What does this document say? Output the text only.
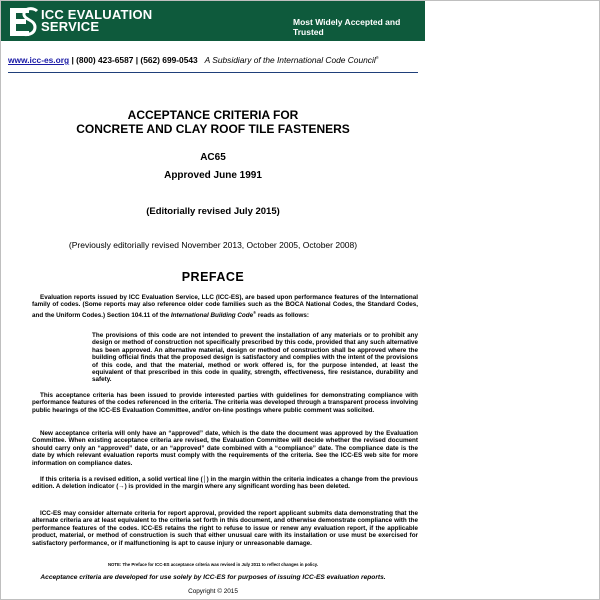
ICC EVALUATION
SERVICE	Most Widely Accepted and Trusted
www.icc-es.org | (800) 423-6587 | (562) 699-0543 A Subsidiary of the International Code Council®
ACCEPTANCE CRITERIA FOR
CONCRETE AND CLAY ROOF TILE FASTENERS
AC65
Approved June 1991
(Editorially revised July 2015)
(Previously editorially revised November 2013, October 2005, October 2008)
PREFACE
Evaluation reports issued by ICC Evaluation Service, LLC (ICC-ES), are based upon performance features of the International family of codes. (Some reports may also reference older code families such as the BOCA National Codes, the Standard Codes, and the Uniform Codes.) Section 104.11 of the International Building Code® reads as follows:
The provisions of this code are not intended to prevent the installation of any materials or to prohibit any design or method of construction not specifically prescribed by this code, provided that any such alternative has been approved. An alternative material, design or method of construction shall be approved where the building official finds that the proposed design is satisfactory and complies with the intent of the provisions of this code, and that the material, method or work offered is, for the purpose intended, at least the equivalent of that prescribed in this code in quality, strength, effectiveness, fire resistance, durability and safety.
This acceptance criteria has been issued to provide interested parties with guidelines for demonstrating compliance with performance features of the codes referenced in the criteria. The criteria was developed through a transparent process involving public hearings of the ICC-ES Evaluation Committee, and/or on-line postings where public comment was solicited.
New acceptance criteria will only have an “approved” date, which is the date the document was approved by the Evaluation Committee. When existing acceptance criteria are revised, the Evaluation Committee will decide whether the revised document should carry only an “approved” date, or an “approved” date combined with a “compliance” date. The compliance date is the date by which relevant evaluation reports must comply with the requirements of the criteria. See the ICC-ES web site for more information on compliance dates.
If this criteria is a revised edition, a solid vertical line (│) in the margin within the criteria indicates a change from the previous edition. A deletion indicator (→) is provided in the margin where any significant wording has been deleted.
ICC-ES may consider alternate criteria for report approval, provided the report applicant submits data demonstrating that the alternate criteria are at least equivalent to the criteria set forth in this document, and otherwise demonstrate compliance with the performance features of the codes. ICC-ES retains the right to refuse to issue or renew any evaluation report, if the applicable product, material, or method of construction is such that either unusual care with its installation or use must be exercised for satisfactory performance, or if malfunctioning is apt to cause injury or unreasonable damage.
NOTE: The Preface for ICC-ES acceptance criteria was revised in July 2011 to reflect changes in policy.
Acceptance criteria are developed for use solely by ICC-ES for purposes of issuing ICC-ES evaluation reports.
Copyright © 2015
